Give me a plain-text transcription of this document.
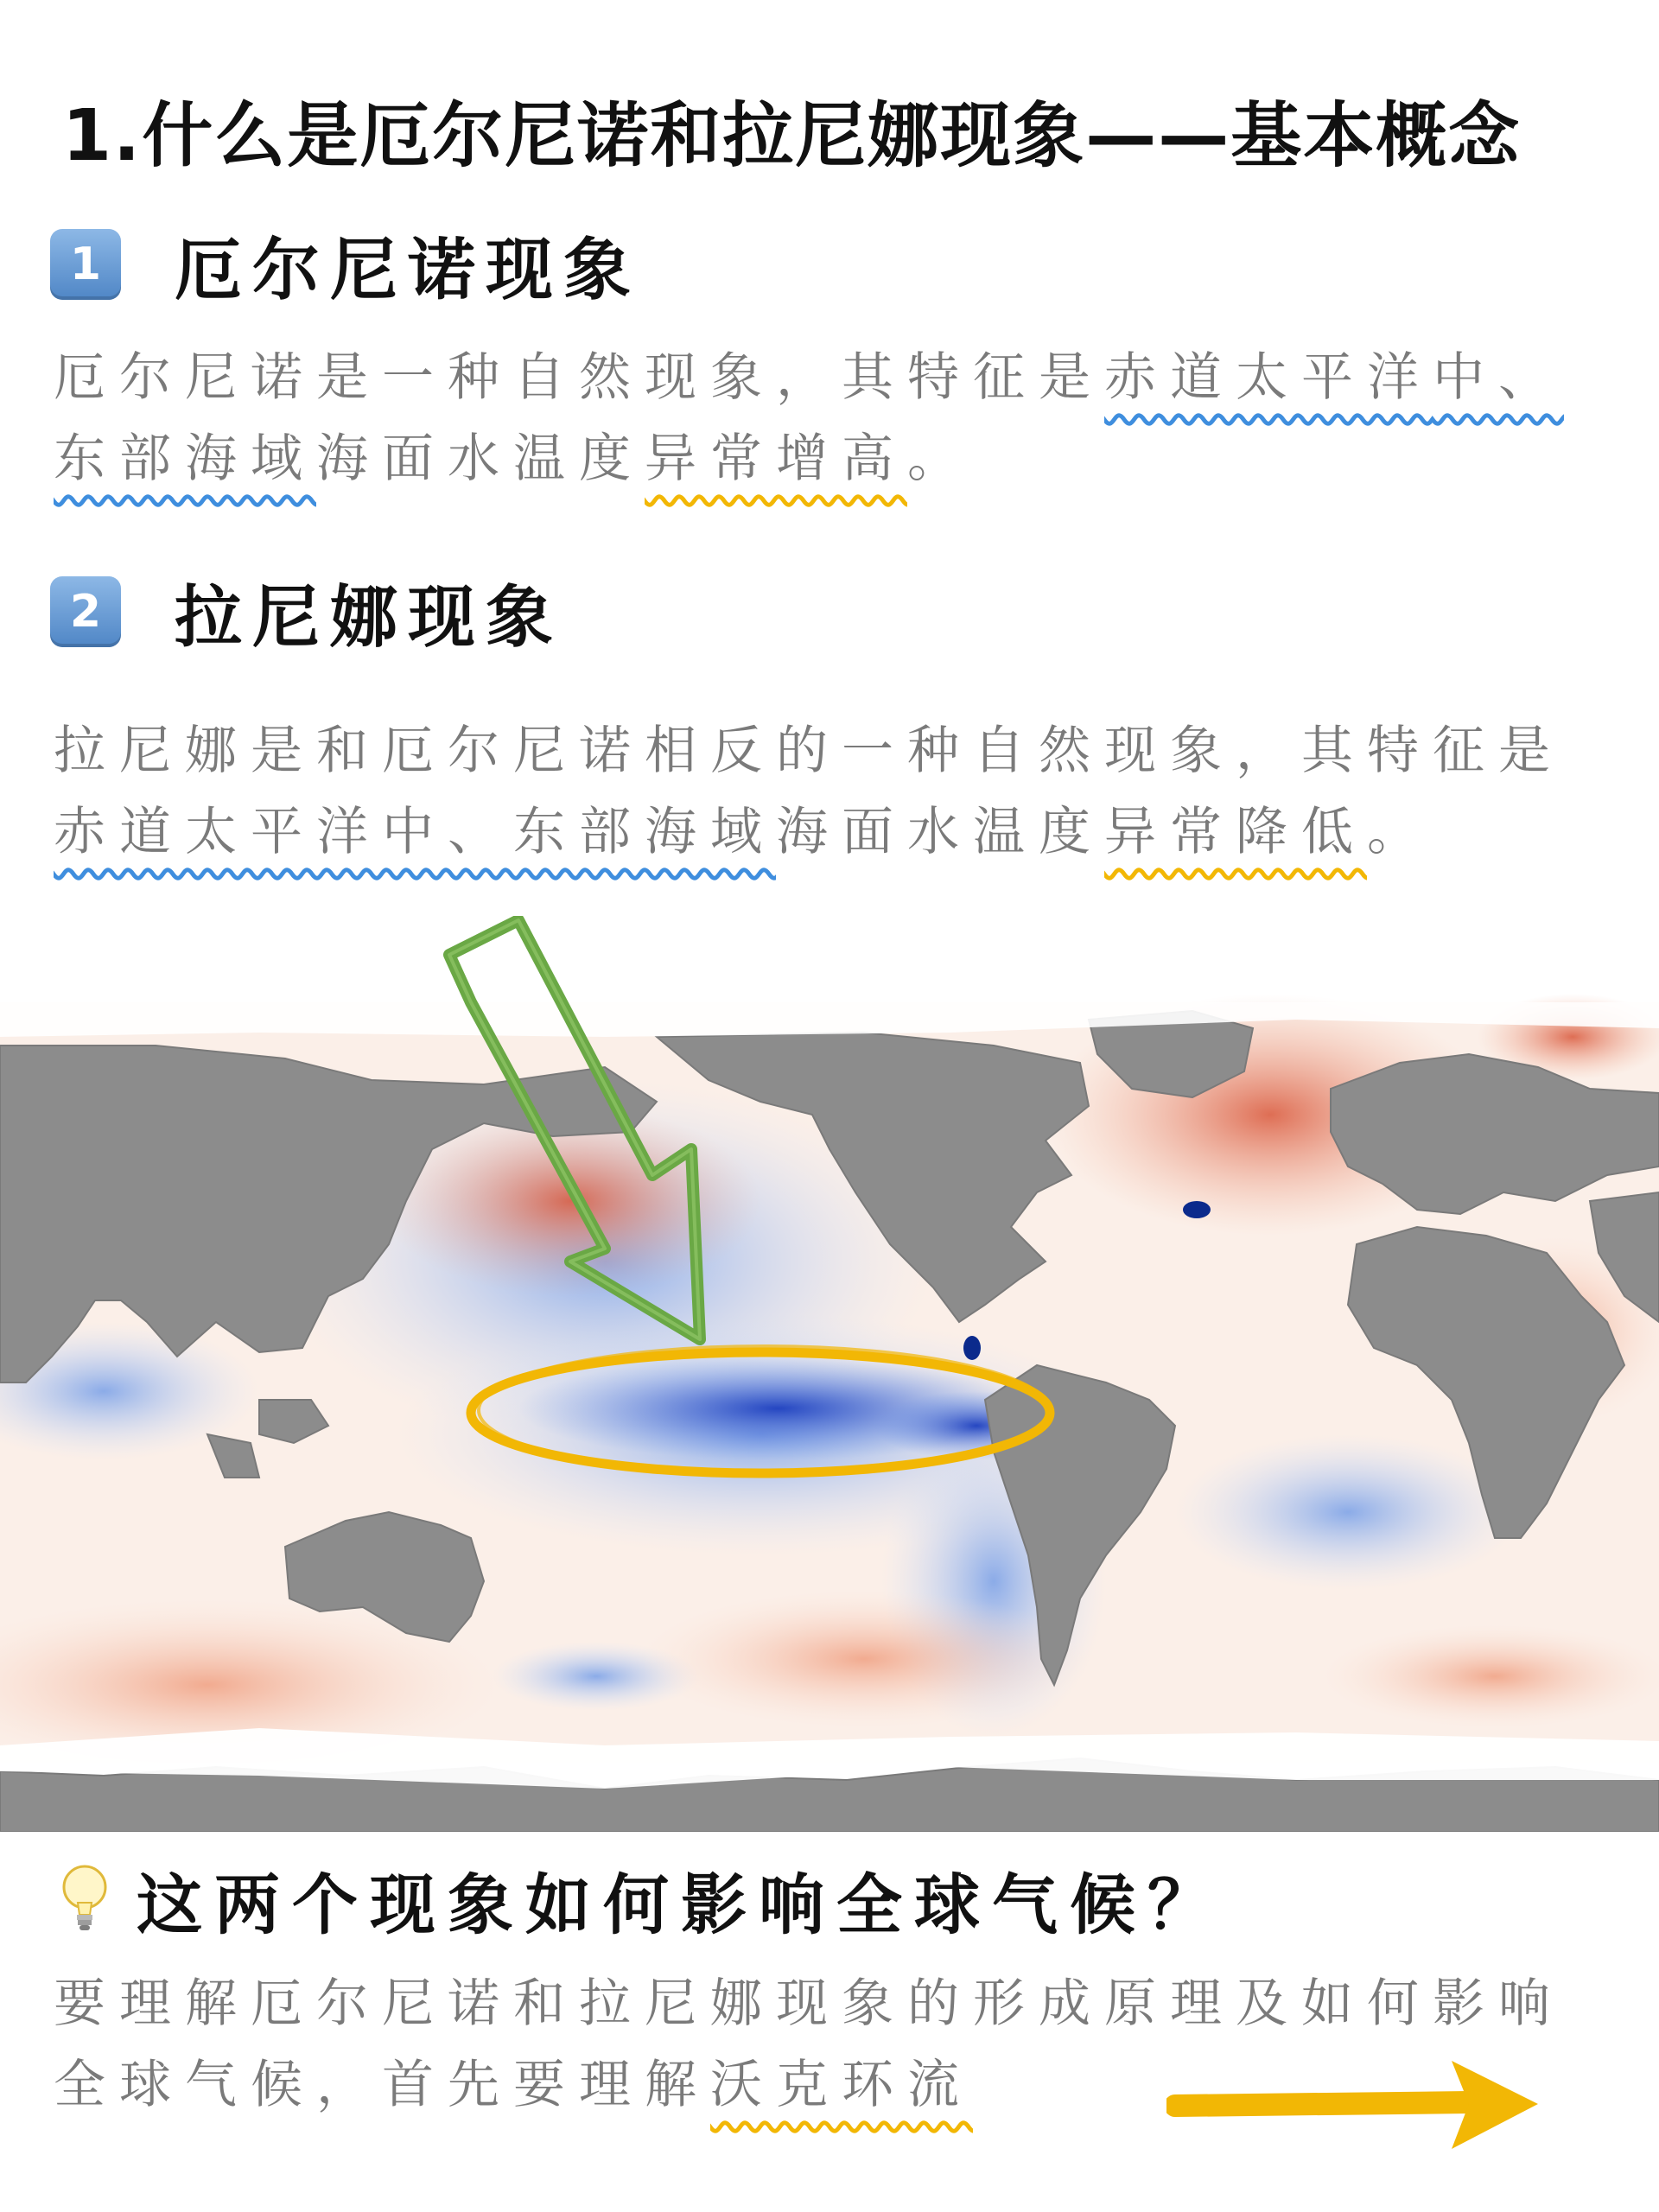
1.什么是厄尔尼诺和拉尼娜现象——基本概念
1 厄尔尼诺现象
厄尔尼诺是一种自然现象，其特征是赤道太平洋中、东部海域海面水温度异常增高。
2 拉尼娜现象
拉尼娜是和厄尔尼诺相反的一种自然现象，其特征是赤道太平洋中、东部海域海面水温度异常降低。
这两个现象如何影响全球气候？
要理解厄尔尼诺和拉尼娜现象的形成原理及如何影响全球气候，首先要理解沃克环流
